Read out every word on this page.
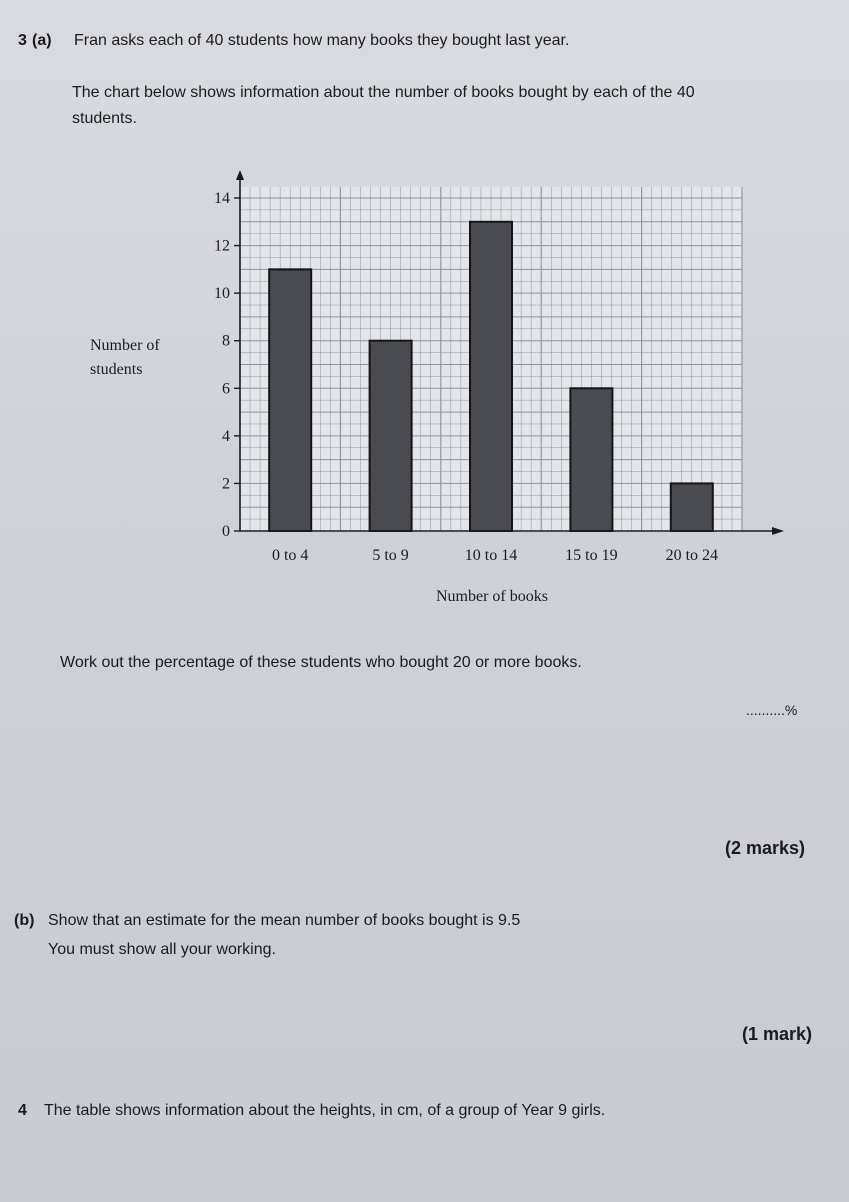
3 (a) Fran asks each of 40 students how many books they bought last year.
The chart below shows information about the number of books bought by each of the 40
students.
0
2
4
6
8
10
12
14
0 to 4	5 to 9	10 to 14	15 to 19	20 to 24
Number of books
Number of
students
Work out the percentage of these students who bought 20 or more books.
..........%
(2 marks)
(b) Show that an estimate for the mean number of books bought is 9.5
You must show all your working.
(1 mark)
4 The table shows information about the heights, in cm, of a group of Year 9 girls.
